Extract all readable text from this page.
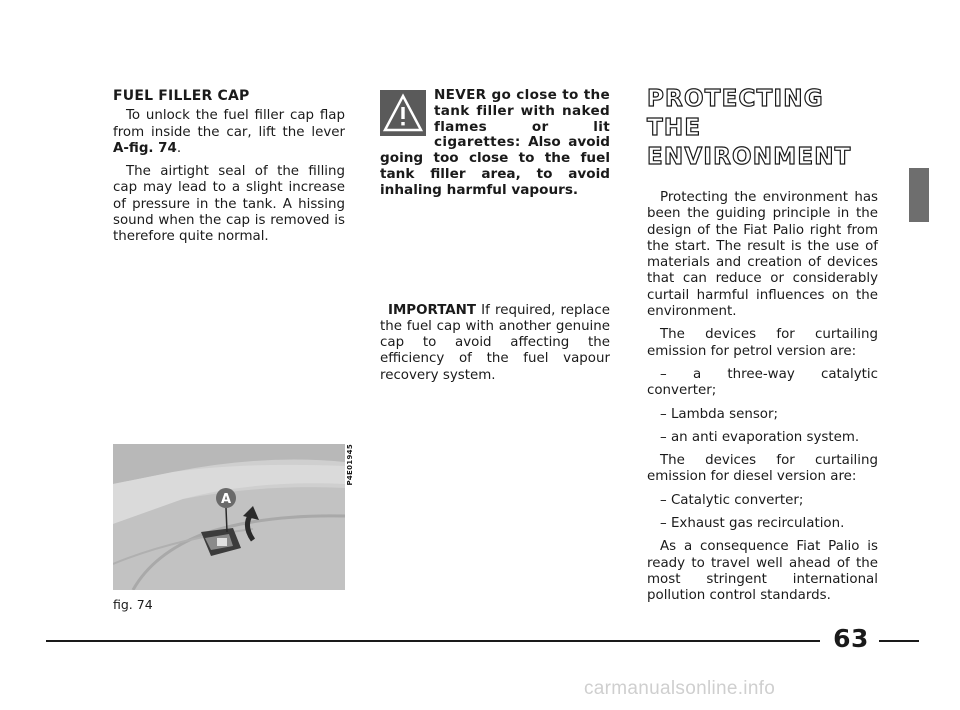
FUEL FILLER CAP

To unlock the fuel filler cap flap from inside the car, lift the lever A-fig. 74.

The airtight seal of the filling cap may lead to a slight increase of pressure in the tank. A hissing sound when the cap is removed is therefore quite normal.

A
P4E01945
fig. 74
NEVER go close to the tank filler with naked flames or lit cigarettes: Also avoid going too close to the fuel tank filler area, to avoid inhaling harmful vapours.

IMPORTANT If required, replace the fuel cap with another genuine cap to avoid affecting the efficiency of the fuel vapour recovery system.

PROTECTING THE
ENVIRONMENT

Protecting the environment has been the guiding principle in the design of the Fiat Palio right from the start. The result is the use of materials and creation of devices that can reduce or considerably curtail harmful influences on the environment.

The devices for curtailing emission for petrol version are:

– a three-way catalytic converter;

– Lambda sensor;

– an anti evaporation system.

The devices for curtailing emission for diesel version are:

– Catalytic converter;

– Exhaust gas recirculation.

As a consequence Fiat Palio is ready to travel well ahead of the most stringent international pollution control standards.

63
carmanualsonline.info
